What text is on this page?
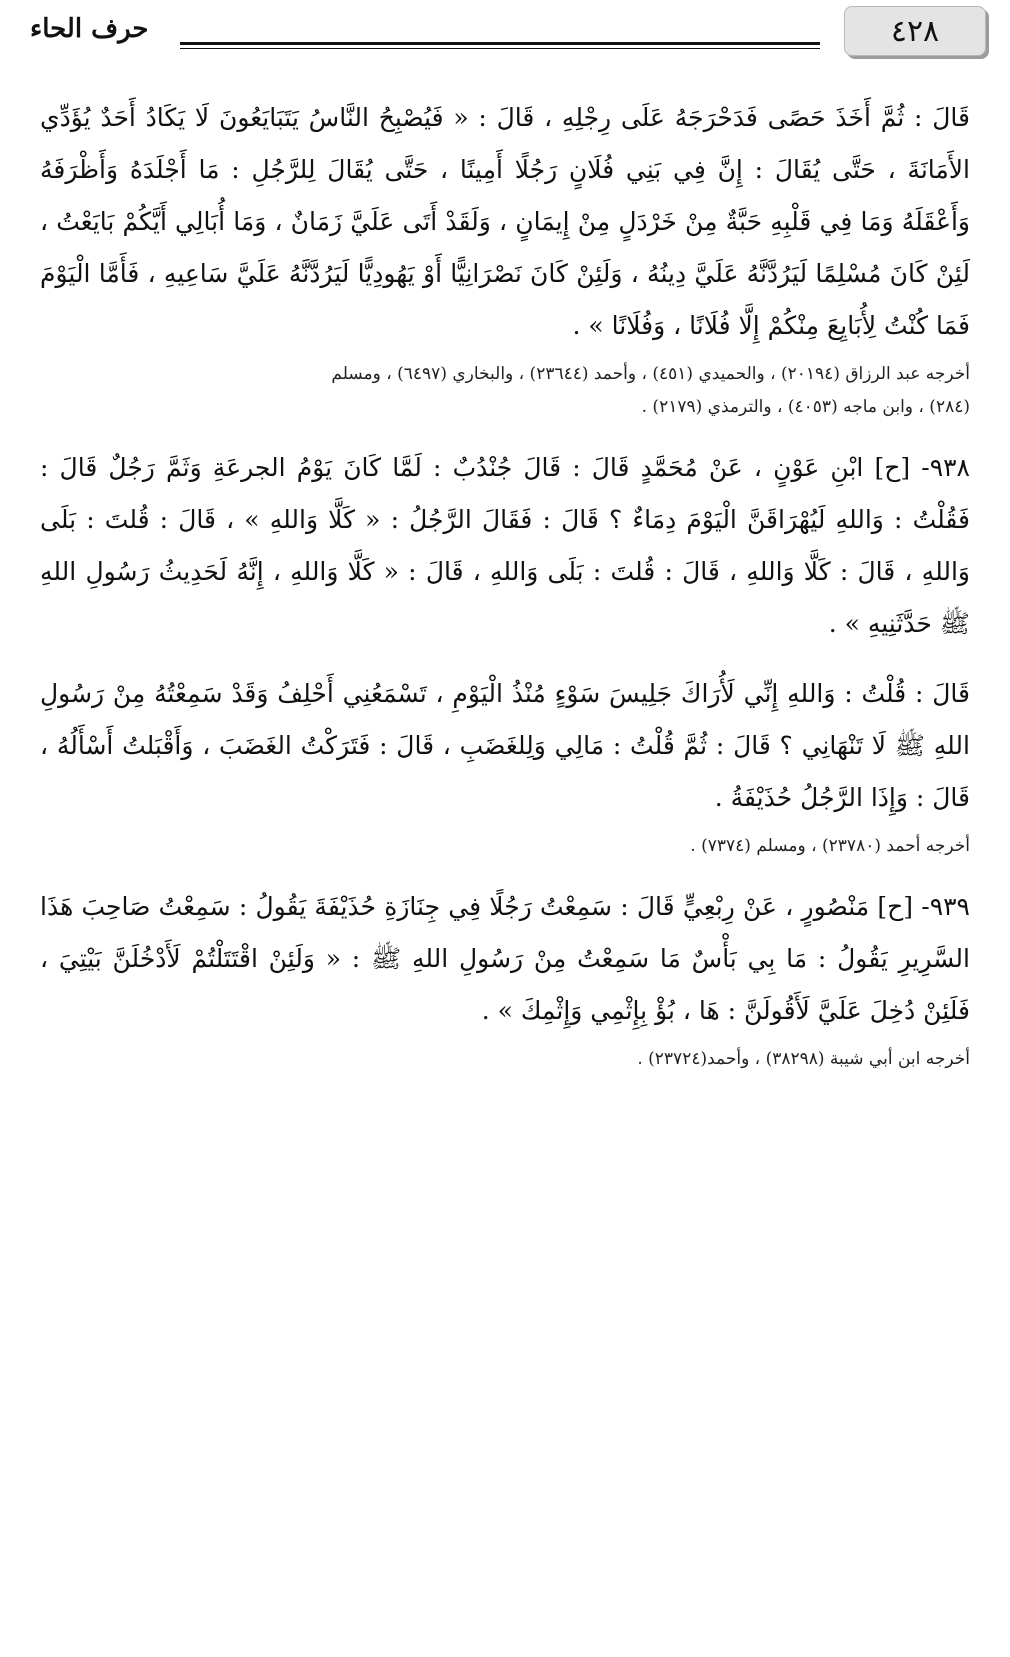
٤٢٨
حرف الحاء

قَالَ : ثُمَّ أَخَذَ حَصًى فَدَحْرَجَهُ عَلَى رِجْلِهِ ، قَالَ : « فَيُصْبِحُ النَّاسُ يَتَبَايَعُونَ لَا يَكَادُ أَحَدٌ يُؤَدِّي الأَمَانَةَ ، حَتَّى يُقَالَ : إِنَّ فِي بَنِي فُلَانٍ رَجُلًا أَمِينًا ، حَتَّى يُقَالَ لِلرَّجُلِ : مَا أَجْلَدَهُ وَأَظْرَفَهُ وَأَعْقَلَهُ وَمَا فِي قَلْبِهِ حَبَّةٌ مِنْ خَرْدَلٍ مِنْ إِيمَانٍ ، وَلَقَدْ أَتَى عَلَيَّ زَمَانٌ ، وَمَا أُبَالِي أَيَّكُمْ بَايَعْتُ ، لَئِنْ كَانَ مُسْلِمًا لَيَرُدَّنَّهُ عَلَيَّ دِينُهُ ، وَلَئِنْ كَانَ نَصْرَانِيًّا أَوْ يَهُودِيًّا لَيَرُدَّنَّهُ عَلَيَّ سَاعِيهِ ، فَأَمَّا الْيَوْمَ فَمَا كُنْتُ لِأُبَايِعَ مِنْكُمْ إِلَّا فُلَانًا ، وَفُلَانًا » .

أخرجه عبد الرزاق (٢٠١٩٤) ، والحميدي (٤٥١) ، وأحمد (٢٣٦٤٤) ، والبخاري (٦٤٩٧) ، ومسلم
(٢٨٤) ، وابن ماجه (٤٠٥٣) ، والترمذي (٢١٧٩) .

٩٣٨- [ح] ابْنِ عَوْنٍ ، عَنْ مُحَمَّدٍ قَالَ : قَالَ جُنْدُبٌ : لَمَّا كَانَ يَوْمُ الجرعَةِ وَثَمَّ رَجُلٌ قَالَ : فَقُلْتُ : وَاللهِ لَيُهْرَاقَنَّ الْيَوْمَ دِمَاءٌ ؟ قَالَ : فَقَالَ الرَّجُلُ : « كَلَّا وَاللهِ » ، قَالَ : قُلتَ : بَلَى وَاللهِ ، قَالَ : كَلَّا وَاللهِ ، قَالَ : قُلتَ : بَلَى وَاللهِ ، قَالَ : « كَلَّا وَاللهِ ، إِنَّهُ لَحَدِيثُ رَسُولِ اللهِ ﷺ حَدَّثَنِيهِ » .

قَالَ : قُلْتُ : وَاللهِ إِنِّي لَأُرَاكَ جَلِيسَ سَوْءٍ مُنْذُ الْيَوْمِ ، تَسْمَعُنِي أَحْلِفُ وَقَدْ سَمِعْتُهُ مِنْ رَسُولِ اللهِ ﷺ لَا تَنْهَانِي ؟ قَالَ : ثُمَّ قُلْتُ : مَالِي وَلِلغَضَبِ ، قَالَ : فَتَرَكْتُ الغَضَبَ ، وَأَقْبَلتُ أَسْأَلُهُ ، قَالَ : وَإِذَا الرَّجُلُ حُذَيْفَةُ .

أخرجه أحمد (٢٣٧٨٠) ، ومسلم (٧٣٧٤) .

٩٣٩- [ح] مَنْصُورٍ ، عَنْ رِبْعِيٍّ قَالَ : سَمِعْتُ رَجُلًا فِي جِنَازَةِ حُذَيْفَةَ يَقُولُ : سَمِعْتُ صَاحِبَ هَذَا السَّرِيرِ يَقُولُ : مَا بِي بَأْسٌ مَا سَمِعْتُ مِنْ رَسُولِ اللهِ ﷺ : « وَلَئِنْ اقْتَتَلْتُمْ لَأَدْخُلَنَّ بَيْتِيَ ، فَلَئِنْ دُخِلَ عَلَيَّ لَأَقُولَنَّ : هَا ، بُؤْ بِإِثْمِي وَإِثْمِكَ » .

أخرجه ابن أبي شيبة (٣٨٢٩٨) ، وأحمد(٢٣٧٢٤) .
